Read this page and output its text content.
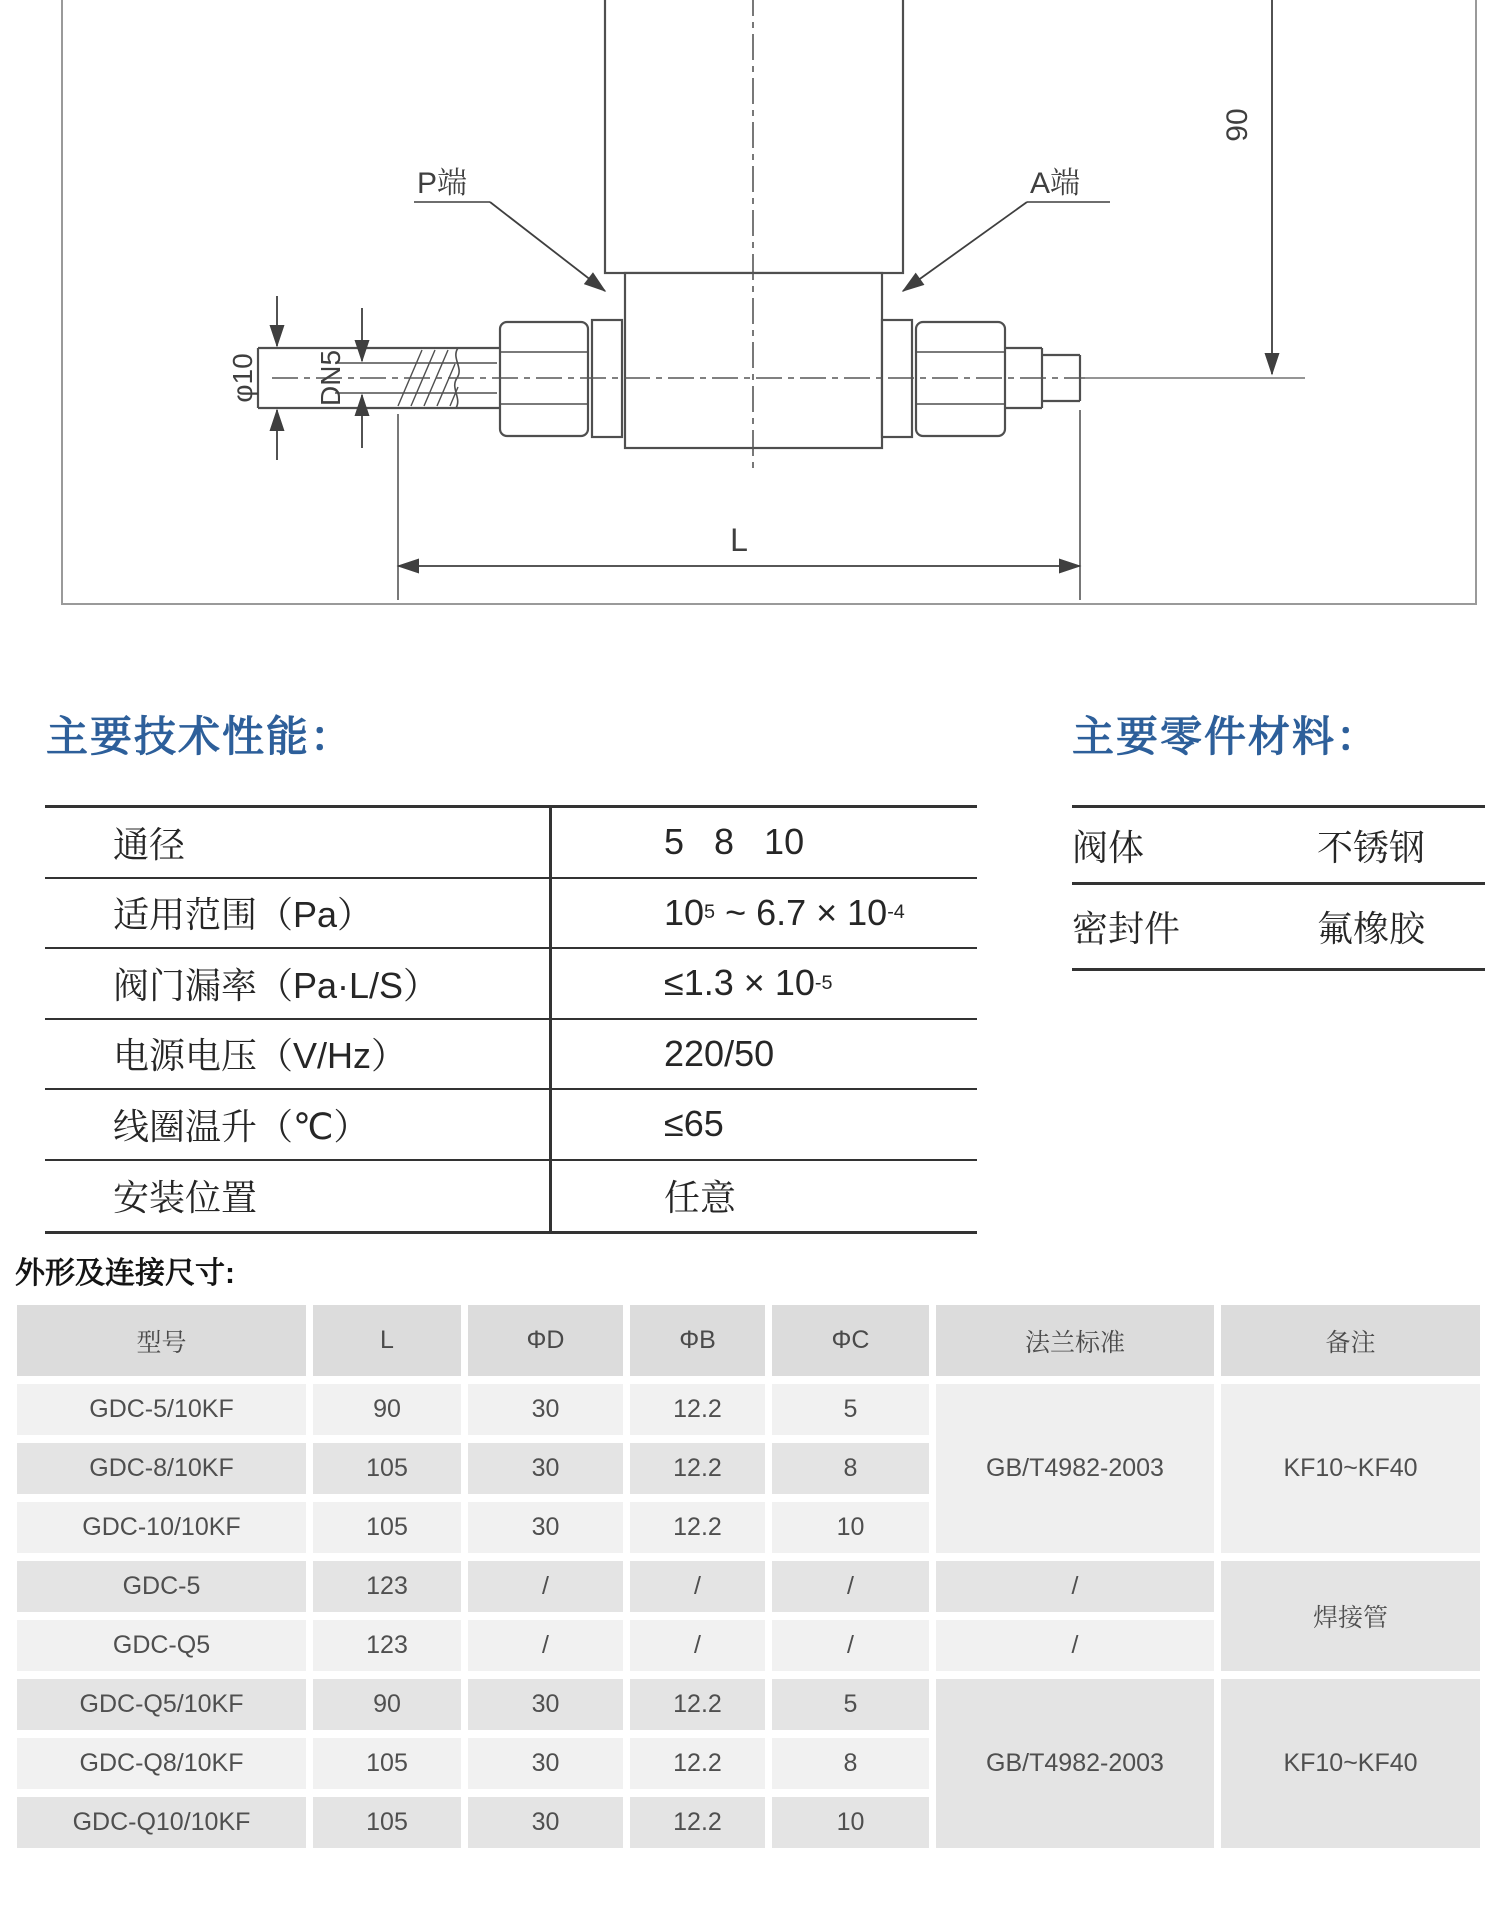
P端	A端
φ10 DN5
90
L
主要技术性能：	主要零件材料：
通径	5   8   10
适用范围（Pa）	10 5 ~ 6.7 × 10 -4
阀门漏率（Pa·L/S）	≤1.3 × 10 -5
电源电压（V/Hz）	220/50
线圈温升（℃）	≤65
安装位置	任意
阀体	不锈钢
密封件	氟橡胶
外形及连接尺寸:
型号	L	ΦD	ΦB	ΦC	法兰标准	备注
GDC-5/10KF	90	30	12.2	5	GB/T4982-2003	KF10~KF40
GDC-8/10KF	105	30	12.2	8		
GDC-10/10KF	105	30	12.2	10		
GDC-5	123	/	/	/	/	焊接管
GDC-Q5	123	/	/	/	/	
GDC-Q5/10KF	90	30	12.2	5	GB/T4982-2003	KF10~KF40
GDC-Q8/10KF	105	30	12.2	8		
GDC-Q10/10KF	105	30	12.2	10		
